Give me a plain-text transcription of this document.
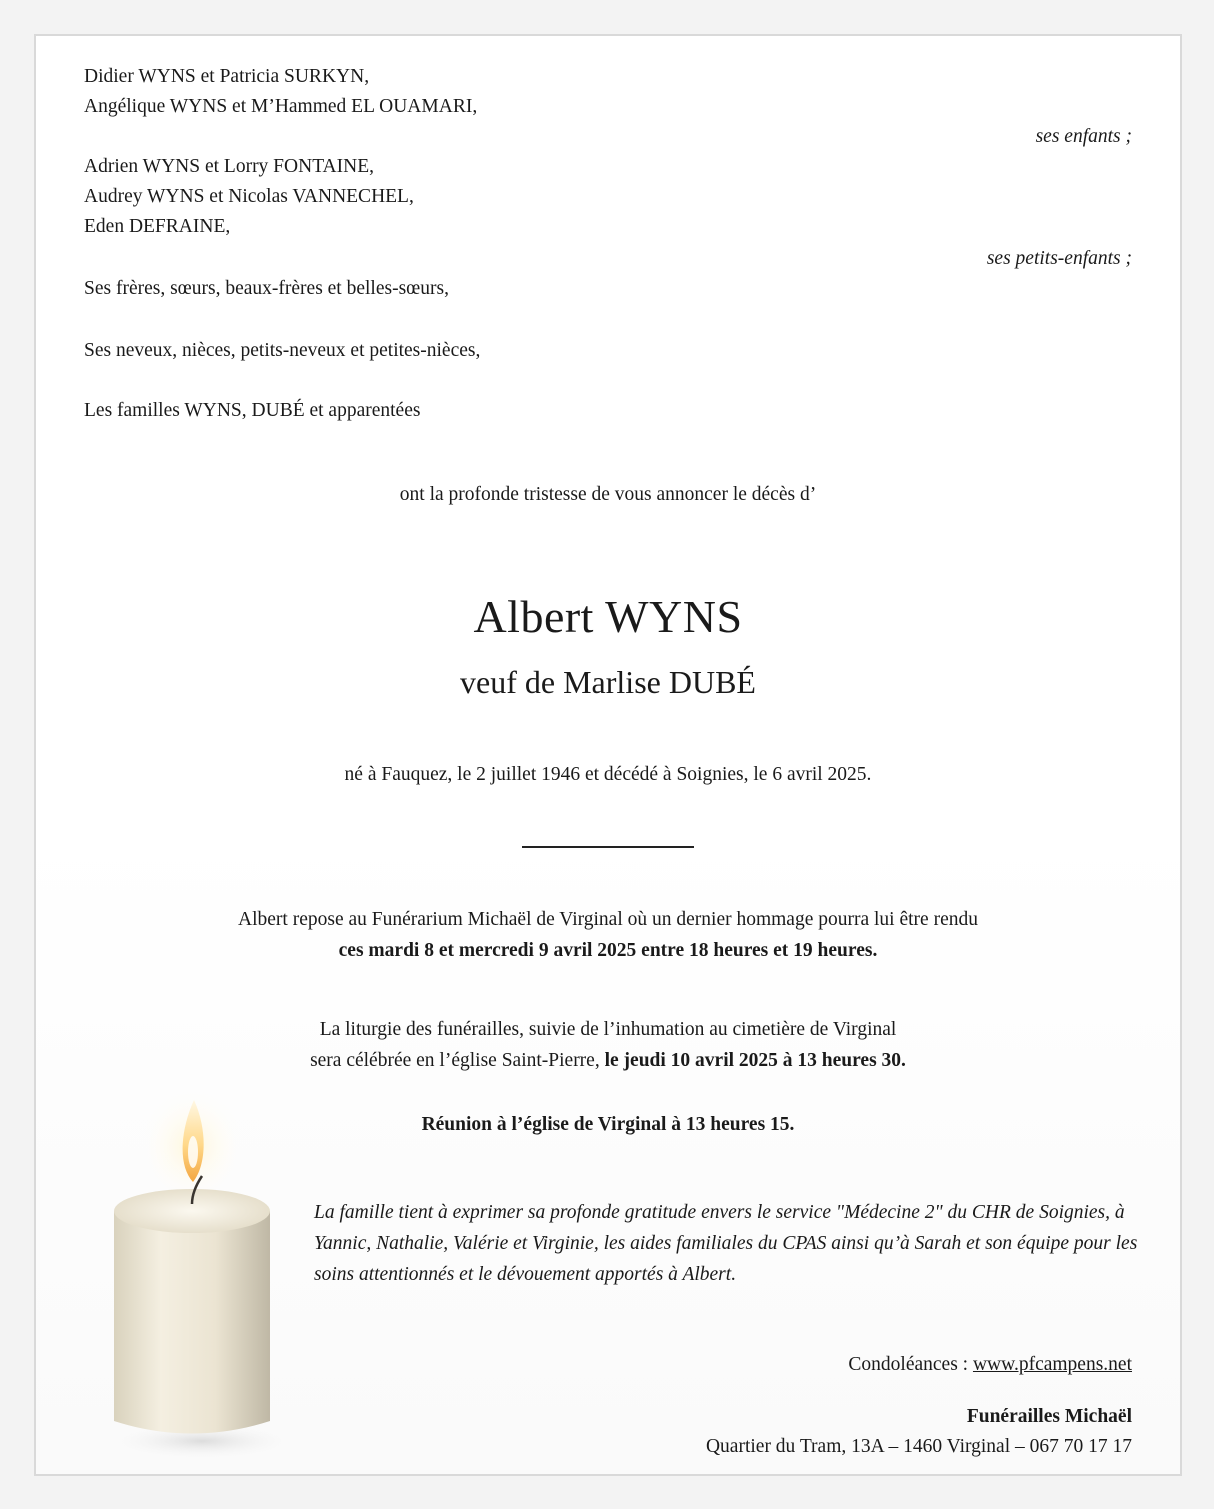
Didier WYNS et Patricia SURKYN,
Angélique WYNS et M’Hammed EL OUAMARI,
ses enfants ;
Adrien WYNS et Lorry FONTAINE,
Audrey WYNS et Nicolas VANNECHEL,
Eden DEFRAINE,
ses petits-enfants ;
Ses frères, sœurs, beaux-frères et belles-sœurs,
Ses neveux, nièces, petits-neveux et petites-nièces,
Les familles WYNS, DUBÉ et apparentées
ont la profonde tristesse de vous annoncer le décès d’
Albert WYNS
veuf de Marlise DUBÉ
né à Fauquez, le 2 juillet 1946 et décédé à Soignies, le 6 avril 2025.
Albert repose au Funérarium Michaël de Virginal où un dernier hommage pourra lui être rendu
ces mardi 8 et mercredi 9 avril 2025 entre 18 heures et 19 heures.
La liturgie des funérailles, suivie de l’inhumation au cimetière de Virginal
sera célébrée en l’église Saint-Pierre, le jeudi 10 avril 2025 à 13 heures 30.
Réunion à l’église de Virginal à 13 heures 15.
La famille tient à exprimer sa profonde gratitude envers le service "Médecine 2" du CHR de Soignies, à Yannic, Nathalie, Valérie et Virginie, les aides familiales du CPAS ainsi qu’à Sarah et son équipe pour les soins attentionnés et le dévouement apportés à Albert.
Condoléances : www.pfcampens.net
Funérailles Michaël
Quartier du Tram, 13A – 1460 Virginal – 067 70 17 17
